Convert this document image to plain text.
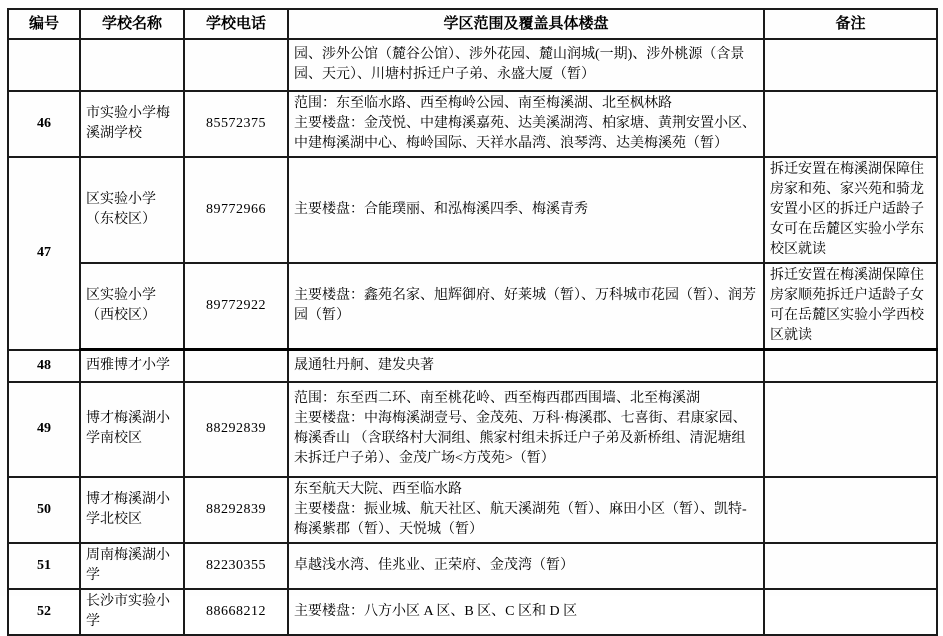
编号	学校名称	学校电话	学区范围及覆盖具体楼盘	备注

			园、涉外公馆（麓谷公馆）、涉外花园、麓山润城(一期)、涉外桃源（含景园、天元）、川塘村拆迁户子弟、永盛大厦（暂）	

46	市实验小学梅溪湖学校	85572375	范围：东至临水路、西至梅岭公园、南至梅溪湖、北至枫林路
主要楼盘：金茂悦、中建梅溪嘉苑、达美溪湖湾、柏家塘、黄荆安置小区、中建梅溪湖中心、梅岭国际、天祥水晶湾、浪琴湾、达美梅溪苑（暂）	

47	区实验小学（东校区）	89772966	主要楼盘：合能璞丽、和泓梅溪四季、梅溪青秀	拆迁安置在梅溪湖保障住房家和苑、家兴苑和骑龙安置小区的拆迁户适龄子女可在岳麓区实验小学东校区就读
	区实验小学（西校区）	89772922	主要楼盘：鑫苑名家、旭辉御府、好莱城（暂）、万科城市花园（暂）、润芳园（暂）	拆迁安置在梅溪湖保障住房家顺苑拆迁户适龄子女可在岳麓区实验小学西校区就读
48	西雅博才小学		晟通牡丹舸、建发央著	

49	博才梅溪湖小学南校区	88292839	范围：东至西二环、南至桃花岭、西至梅西郡西围墙、北至梅溪湖
主要楼盘：中海梅溪湖壹号、金茂苑、万科·梅溪郡、七喜街、君康家园、梅溪香山 （含联络村大洞组、熊家村组未拆迁户子弟及新桥组、清泥塘组未拆迁户子弟）、金茂广场<方茂苑>（暂）	

50	博才梅溪湖小学北校区	88292839	东至航天大院、西至临水路
主要楼盘：振业城、航天社区、航天溪湖苑（暂）、麻田小区（暂）、凯特-梅溪紫郡（暂）、天悦城（暂）	

51	周南梅溪湖小学	82230355	卓越浅水湾、佳兆业、正荣府、金茂湾（暂）	

52	长沙市实验小学	88668212	主要楼盘：八方小区 A 区、B 区、C 区和 D 区	
